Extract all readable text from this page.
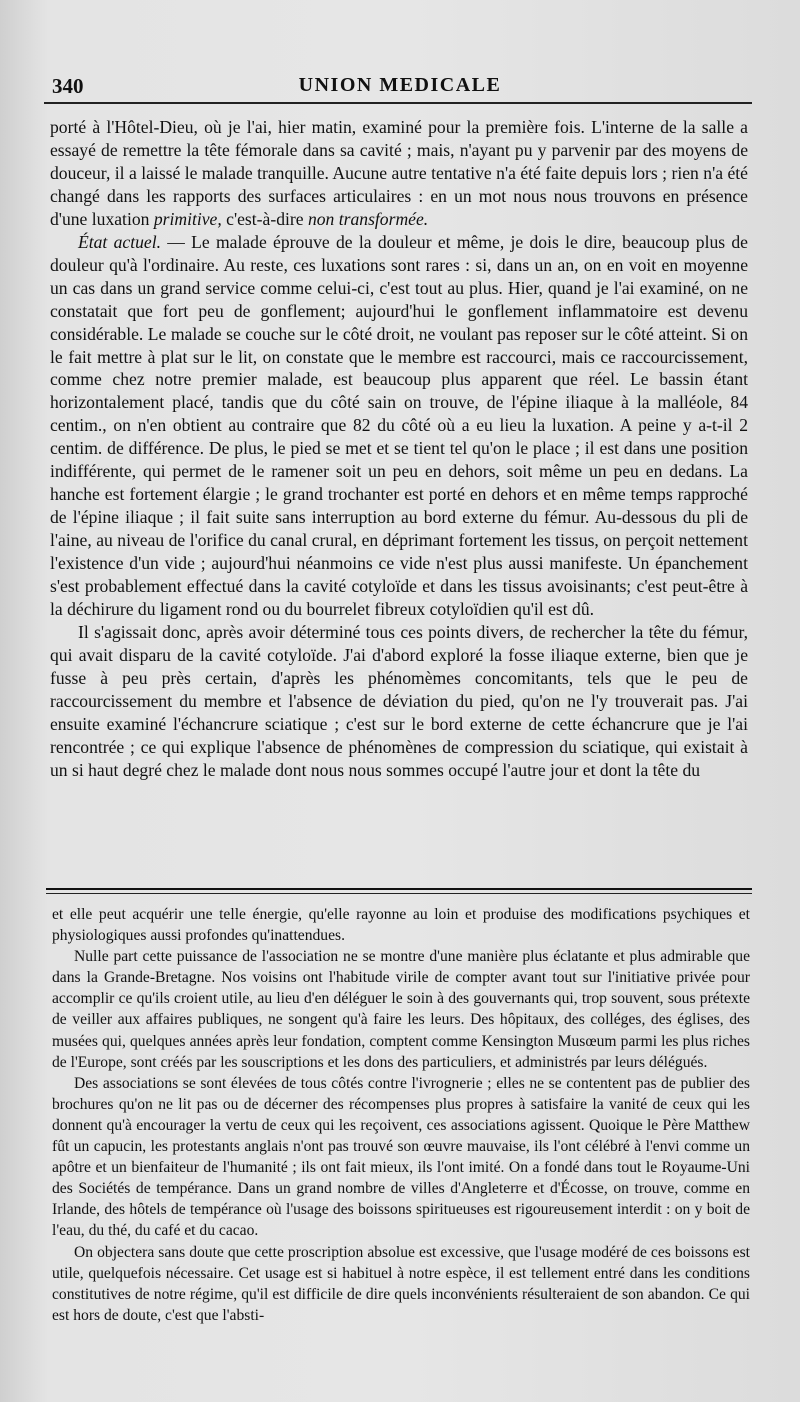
340	UNION MEDICALE

porté à l'Hôtel-Dieu, où je l'ai, hier matin, examiné pour la première fois. L'interne de la salle a essayé de remettre la tête fémorale dans sa cavité ; mais, n'ayant pu y parvenir par des moyens de douceur, il a laissé le malade tranquille. Aucune autre tentative n'a été faite depuis lors ; rien n'a été changé dans les rapports des surfaces articulaires : en un mot nous nous trouvons en présence d'une luxation primitive, c'est-à-dire non transformée.

État actuel. — Le malade éprouve de la douleur et même, je dois le dire, beaucoup plus de douleur qu'à l'ordinaire. Au reste, ces luxations sont rares : si, dans un an, on en voit en moyenne un cas dans un grand service comme celui-ci, c'est tout au plus. Hier, quand je l'ai examiné, on ne constatait que fort peu de gonflement; aujourd'hui le gonflement inflammatoire est devenu considérable. Le malade se couche sur le côté droit, ne voulant pas reposer sur le côté atteint. Si on le fait mettre à plat sur le lit, on constate que le membre est raccourci, mais ce raccourcissement, comme chez notre premier malade, est beaucoup plus apparent que réel. Le bassin étant horizontalement placé, tandis que du côté sain on trouve, de l'épine iliaque à la malléole, 84 centim., on n'en obtient au contraire que 82 du côté où a eu lieu la luxation. A peine y a-t-il 2 centim. de différence. De plus, le pied se met et se tient tel qu'on le place ; il est dans une position indifférente, qui permet de le ramener soit un peu en dehors, soit même un peu en dedans. La hanche est fortement élargie ; le grand trochanter est porté en dehors et en même temps rapproché de l'épine iliaque ; il fait suite sans interruption au bord externe du fémur. Au-dessous du pli de l'aine, au niveau de l'orifice du canal crural, en déprimant fortement les tissus, on perçoit nettement l'existence d'un vide ; aujourd'hui néanmoins ce vide n'est plus aussi manifeste. Un épanchement s'est probablement effectué dans la cavité cotyloïde et dans les tissus avoisinants; c'est peut-être à la déchirure du ligament rond ou du bourrelet fibreux cotyloïdien qu'il est dû.

Il s'agissait donc, après avoir déterminé tous ces points divers, de rechercher la tête du fémur, qui avait disparu de la cavité cotyloïde. J'ai d'abord exploré la fosse iliaque externe, bien que je fusse à peu près certain, d'après les phénomèmes concomitants, tels que le peu de raccourcissement du membre et l'absence de déviation du pied, qu'on ne l'y trouverait pas. J'ai ensuite examiné l'échancrure sciatique ; c'est sur le bord externe de cette échancrure que je l'ai rencontrée ; ce qui explique l'absence de phénomènes de compression du sciatique, qui existait à un si haut degré chez le malade dont nous nous sommes occupé l'autre jour et dont la tête du

et elle peut acquérir une telle énergie, qu'elle rayonne au loin et produise des modifications psychiques et physiologiques aussi profondes qu'inattendues.

Nulle part cette puissance de l'association ne se montre d'une manière plus éclatante et plus admirable que dans la Grande-Bretagne. Nos voisins ont l'habitude virile de compter avant tout sur l'initiative privée pour accomplir ce qu'ils croient utile, au lieu d'en déléguer le soin à des gouvernants qui, trop souvent, sous prétexte de veiller aux affaires publiques, ne songent qu'à faire les leurs. Des hôpitaux, des colléges, des églises, des musées qui, quelques années après leur fondation, comptent comme Kensington Musœum parmi les plus riches de l'Europe, sont créés par les souscriptions et les dons des particuliers, et administrés par leurs délégués.

Des associations se sont élevées de tous côtés contre l'ivrognerie ; elles ne se contentent pas de publier des brochures qu'on ne lit pas ou de décerner des récompenses plus propres à satisfaire la vanité de ceux qui les donnent qu'à encourager la vertu de ceux qui les reçoivent, ces associations agissent. Quoique le Père Matthew fût un capucin, les protestants anglais n'ont pas trouvé son œuvre mauvaise, ils l'ont célébré à l'envi comme un apôtre et un bienfaiteur de l'humanité ; ils ont fait mieux, ils l'ont imité. On a fondé dans tout le Royaume-Uni des Sociétés de tempérance. Dans un grand nombre de villes d'Angleterre et d'Écosse, on trouve, comme en Irlande, des hôtels de tempérance où l'usage des boissons spiritueuses est rigoureusement interdit : on y boit de l'eau, du thé, du café et du cacao.

On objectera sans doute que cette proscription absolue est excessive, que l'usage modéré de ces boissons est utile, quelquefois nécessaire. Cet usage est si habituel à notre espèce, il est tellement entré dans les conditions constitutives de notre régime, qu'il est difficile de dire quels inconvénients résulteraient de son abandon. Ce qui est hors de doute, c'est que l'absti-
